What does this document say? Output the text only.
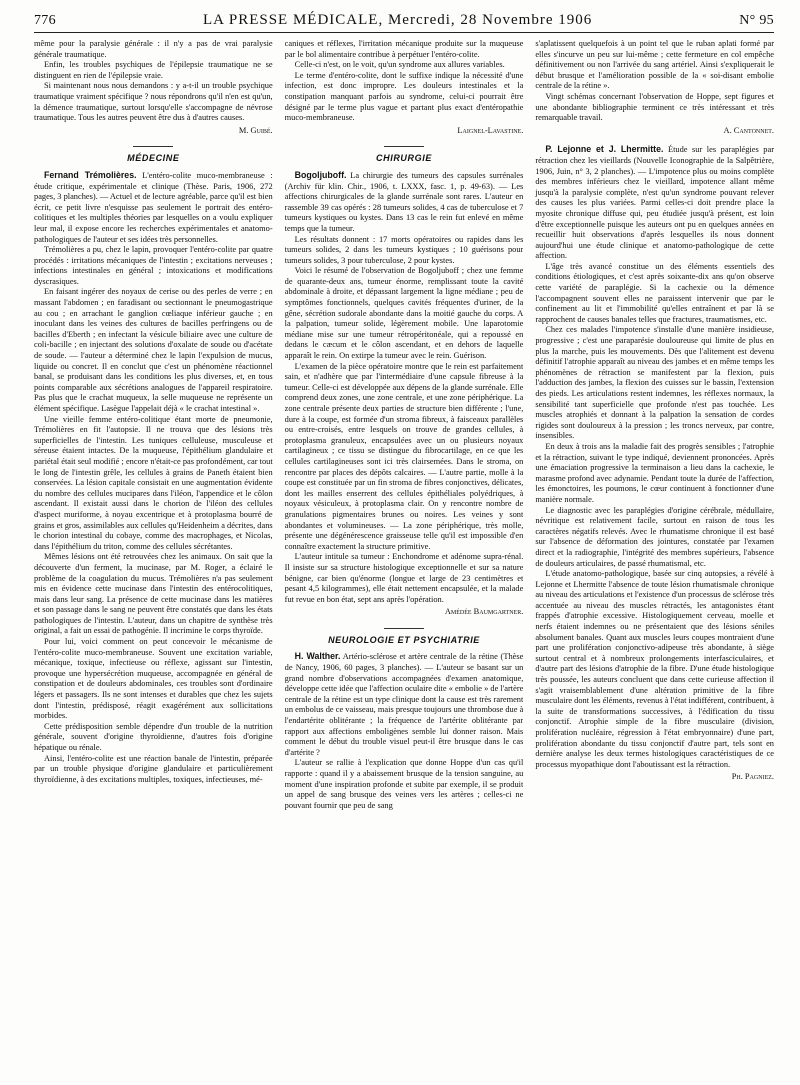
776	LA PRESSE MÉDICALE, Mercredi, 28 Novembre 1906	N° 95

même pour la paralysie générale : il n'y a pas de vrai paralysie générale traumatique.

Enfin, les troubles psychiques de l'épilepsie traumatique ne se distinguent en rien de l'épilepsie vraie.

Si maintenant nous nous demandons : y a-t-il un trouble psychique traumatique vraiment spécifique ? nous répondrons qu'il n'en est qu'un, la démence traumatique, surtout lorsqu'elle s'accompagne de névrose traumatique. Tous les autres peuvent être dus à d'autres causes.

M. Guibé.
MÉDECINE

Fernand Trémolières. L'entéro-colite muco-membraneuse : étude critique, expérimentale et clinique (Thèse. Paris, 1906, 272 pages, 3 planches). — Actuel et de lecture agréable, parce qu'il est bien écrit, ce petit livre n'esquisse pas seulement le portrait des entéro-colitiques et les multiples théories par lesquelles on a voulu expliquer leur mal, il expose encore les recherches expérimentales et anatomo-pathologiques de l'auteur et ses idées très personnelles.

Trémolières a pu, chez le lapin, provoquer l'entéro-colite par quatre procédés : irritations mécaniques de l'intestin ; excitations nerveuses ; infections intestinales en général ; intoxications et modifications dyscrasiques.

En faisant ingérer des noyaux de cerise ou des perles de verre ; en massant l'abdomen ; en faradisant ou sectionnant le pneumogastrique au cou ; en arrachant le ganglion cœliaque inférieur gauche ; en inoculant dans les veines des cultures de bacilles perfringens ou de bacilles d'Eberth ; en infectant la vésicule biliaire avec une culture de coli-bacille ; en injectant des solutions d'oxalate de soude ou d'acétate de soude. — l'auteur a déterminé chez le lapin l'expulsion de mucus, liquide ou concret. Il en conclut que c'est un phénomène réactionnel banal, se produisant dans les conditions les plus diverses, et, en tous points comparable aux sécrétions analogues de l'appareil respiratoire. Pas plus que le crachat muqueux, la selle muqueuse ne représente un élément spécifique. Lasègue l'appelait déjà « le crachat intestinal ».

Une vieille femme entéro-colitique étant morte de pneumonie, Trémolières en fit l'autopsie. Il ne trouva que des lésions très superficielles de l'intestin. Les tuniques celluleuse, musculeuse et séreuse étaient intactes. De la muqueuse, l'épithélium glandulaire et pariétal était seul modifié ; encore n'était-ce pas profondément, car tout le long de l'intestin grêle, les cellules à grains de Paneth étaient bien conservées. La lésion capitale consistait en une augmentation évidente du nombre des cellules mucipares dans l'iléon, l'appendice et le côlon ascendant. Il existait aussi dans le chorion de l'iléon des cellules d'aspect muriforme, à noyau excentrique et à protoplasma bourré de grains et gros, assimilables aux cellules qu'Heidenheim a décrites, dans le chorion intestinal du cobaye, comme des macrophages, et Nicolas, dans l'épithélium du triton, comme des cellules sécrétantes.

Mêmes lésions ont été retrouvées chez les animaux. On sait que la découverte d'un ferment, la mucinase, par M. Roger, a éclairé le problème de la coagulation du mucus. Trémolières n'a pas seulement mis en évidence cette mucinase dans l'intestin des entérocolitiques, mais dans leur sang. La présence de cette mucinase dans les matières et son passage dans le sang ne peuvent être constatés que dans les états pathologiques de l'intestin. L'auteur, dans un chapitre de synthèse très original, a fait un essai de pathogénie. Il incrimine le corps thyroïde.

Pour lui, voici comment on peut concevoir le mécanisme de l'entéro-colite muco-membraneuse. Souvent une excitation variable, mécanique, toxique, infectieuse ou réflexe, agissant sur l'intestin, provoque une hypersécrétion muqueuse, accompagnée en général de constipation et de douleurs abdominales, ces troubles sont d'ordinaire légers et passagers. Ils ne sont intenses et durables que chez les sujets dont l'intestin, prédisposé, réagit exagérément aux sollicitations morbides.

Cette prédisposition semble dépendre d'un trouble de la nutrition générale, souvent d'origine thyroïdienne, d'autres fois d'origine hépatique ou rénale.

Ainsi, l'entéro-colite est une réaction banale de l'intestin, préparée par un trouble physique d'origine glandulaire et particulièrement thyroïdienne, à des excitations multiples, toxiques, infectieuses, mé-

caniques et réflexes, l'irritation mécanique produite sur la muqueuse par le bol alimentaire contribue à perpétuer l'entéro-colite.

Celle-ci n'est, on le voit, qu'un syndrome aux allures variables.

Le terme d'entéro-colite, dont le suffixe indique la nécessité d'une infection, est donc impropre. Les douleurs intestinales et la constipation manquant parfois au syndrome, celui-ci pourrait être désigné par le terme plus vague et partant plus exact d'entéropathie muco-membraneuse.

Laignel-Lavastine.
CHIRURGIE

Bogoljuboff. La chirurgie des tumeurs des capsules surrénales (Archiv für klin. Chir., 1906, t. LXXX, fasc. 1, p. 49-63). — Les affections chirurgicales de la glande surrénale sont rares. L'auteur en rassemble 39 cas opérés : 28 tumeurs solides, 4 cas de tuberculose et 7 tumeurs kystiques ou kystes. Dans 13 cas le rein fut enlevé en même temps que la tumeur.

Les résultats donnent : 17 morts opératoires ou rapides dans les tumeurs solides, 2 dans les tumeurs kystiques ; 10 guérisons pour tumeurs solides, 3 pour tuberculose, 2 pour kystes.

Voici le résumé de l'observation de Bogoljuboff ; chez une femme de quarante-deux ans, tumeur énorme, remplissant toute la cavité abdominale à droite, et dépassant largement la ligne médiane ; peu de symptômes fonctionnels, quelques cavités fréquentes d'uriner, de la gêne, sécrétion sudorale abondante dans la moitié gauche du corps. A la palpation, tumeur solide, légèrement mobile. Une laparotomie médiane mise sur une tumeur rétropéritonéale, qui a repoussé en dedans le cæcum et le côlon ascendant, et en dehors de laquelle apparaît le rein. On extirpe la tumeur avec le rein. Guérison.

L'examen de la pièce opératoire montre que le rein est parfaitement sain, et n'adhère que par l'intermédiaire d'une capsule fibreuse à la tumeur. Celle-ci est développée aux dépens de la glande surrénale. Elle comprend deux zones, une zone centrale, et une zone périphérique. La zone centrale présente deux parties de structure bien différente ; l'une, dure à la coupe, est formée d'un stroma fibreux, à faisceaux parallèles ou entre-croisés, entre lesquels on trouve de grandes cellules, à protoplasma granuleux, encapsulées avec un ou plusieurs noyaux cartilagineux ; ce tissu se distingue du fibrocartilage, en ce que les cellules cartilagineuses sont ici très clairsemées. Dans le stroma, on rencontre par places des dépôts calcaires. — L'autre partie, molle à la coupe est constituée par un fin stroma de fibres conjonctives, délicates, dont les mailles enserrent des cellules épithéliales polyédriques, à noyaux vésiculeux, à protoplasma clair. On y rencontre nombre de granulations pigmentaires brunes ou noires. Les veines y sont abondantes et volumineuses. — La zone périphérique, très molle, présente une dégénérescence graisseuse telle qu'il est impossible d'en connaître exactement la structure primitive.

L'auteur intitule sa tumeur : Enchondrome et adénome supra-rénal. Il insiste sur sa structure histologique exceptionnelle et sur sa nature bénigne, car bien qu'énorme (longue et large de 23 centimètres et pesant 4,5 kilogrammes), elle était nettement encapsulée, et la malade fut revue en bon état, sept ans après l'opération.

Amédée Baumgartner.
NEUROLOGIE ET PSYCHIATRIE

H. Walther. Artério-sclérose et artère centrale de la rétine (Thèse de Nancy, 1906, 60 pages, 3 planches). — L'auteur se basant sur un grand nombre d'observations accompagnées d'examen anatomique, développe cette idée que l'affection oculaire dite « embolie » de l'artère centrale de la rétine est un type clinique dont la cause est très rarement un embolus de ce vaisseau, mais presque toujours une thrombose due à l'endartérite oblitérante ; la fréquence de l'artérite oblitérante par rapport aux affections emboligènes semble lui donner raison. Mais comment le début du trouble visuel peut-il être brusque dans le cas d'artérite ?

L'auteur se rallie à l'explication que donne Hoppe d'un cas qu'il rapporte : quand il y a abaissement brusque de la tension sanguine, au moment d'une inspiration profonde et subite par exemple, il se produit un appel de sang brusque des veines vers les artères ; celles-ci ne pouvant fournir que peu de sang

s'aplatissent quelquefois à un point tel que le ruban aplati formé par elles s'incurve un peu sur lui-même ; cette fermeture en col empêche définitivement ou non l'arrivée du sang artériel. Ainsi s'expliquerait le début brusque et l'amélioration possible de la « soi-disant embolie centrale de la rétine ».

Vingt schémas concernant l'observation de Hoppe, sept figures et une abondante bibliographie terminent ce très intéressant et très remarquable travail.

A. Cantonnet.

P. Lejonne et J. Lhermitte. Étude sur les paraplégies par rétraction chez les vieillards (Nouvelle Iconographie de la Salpêtrière, 1906, Juin, n° 3, 2 planches). — L'impotence plus ou moins complète des membres inférieurs chez le vieillard, impotence allant même jusqu'à la paralysie complète, n'est qu'un syndrome pouvant relever des causes les plus variées. Parmi celles-ci doit prendre place la myosite chronique diffuse qui, peu étudiée jusqu'à présent, est loin d'être exceptionnelle puisque les auteurs ont pu en quelques années en recueillir huit observations d'après lesquelles ils nous donnent aujourd'hui une étude clinique et anatomo-pathologique de cette affection.

L'âge très avancé constitue un des éléments essentiels des conditions étiologiques, et c'est après soixante-dix ans qu'on observe cette variété de paraplégie. Si la cachexie ou la démence l'accompagnent souvent elles ne paraissent intervenir que par le confinement au lit et l'immobilité qu'elles entraînent et par là se rapprochent de causes banales telles que fractures, traumatismes, etc.

Chez ces malades l'impotence s'installe d'une manière insidieuse, progressive ; c'est une paraparésie douloureuse qui limite de plus en plus la marche, puis les mouvements. Dès que l'alitement est devenu définitif l'atrophie apparaît au niveau des jambes et en même temps les phénomènes de rétraction se manifestent par la flexion, puis l'adduction des jambes, la flexion des cuisses sur le bassin, l'extension des pieds. Les articulations restent indemnes, les réflexes normaux, la sensibilité tant superficielle que profonde n'est pas touchée. Les muscles atrophiés et donnant à la palpation la sensation de cordes rigides sont douloureux à la pression ; les troncs nerveux, par contre, insensibles.

En deux à trois ans la maladie fait des progrès sensibles ; l'atrophie et la rétraction, suivant le type indiqué, deviennent prononcées. Après une émaciation progressive la terminaison a lieu dans la cachexie, le marasme profond avec adynamie. Pendant toute la durée de l'affection, les émonctoires, les poumons, le cœur continuent à fonctionner d'une manière normale.

Le diagnostic avec les paraplégies d'origine cérébrale, médullaire, névritique est relativement facile, surtout en raison de tous les caractères négatifs relevés. Avec le rhumatisme chronique il est basé sur l'absence de déformation des jointures, constatée par l'examen direct et la radiographie, l'intégrité des membres supérieurs, l'absence de douleurs articulaires, de passé rhumatismal, etc.

L'étude anatomo-pathologique, basée sur cinq autopsies, a révélé à Lejonne et Lhermitte l'absence de toute lésion rhumatismale chronique au niveau des articulations et l'existence d'un processus de sclérose très accentuée au niveau des muscles rétractés, les antagonistes étant frappés d'atrophie excessive. Histologiquement cerveau, moelle et nerfs étaient indemnes ou ne présentaient que des lésions séniles absolument banales. Quant aux muscles leurs coupes montraient d'une part une prolifération conjonctivo-adipeuse très abondante, à siège surtout central et à nombreux prolongements interfasciculaires, et d'autre part des lésions d'atrophie de la fibre. D'une étude histologique très poussée, les auteurs concluent que dans cette curieuse affection il s'agit vraisemblablement d'une altération primitive de la fibre musculaire dont les éléments, revenus à l'état indifférent, contribuent, à la suite de transformations successives, à l'édification du tissu conjonctif. Atrophie simple de la fibre musculaire (division, prolifération nucléaire, régression à l'état embryonnaire) d'une part, prolifération abondante du tissu conjonctif d'autre part, tels sont en dernière analyse les deux termes histologiques caractéristiques de ce processus myopathique dont l'aboutissant est la rétraction.

Ph. Pagniez.
